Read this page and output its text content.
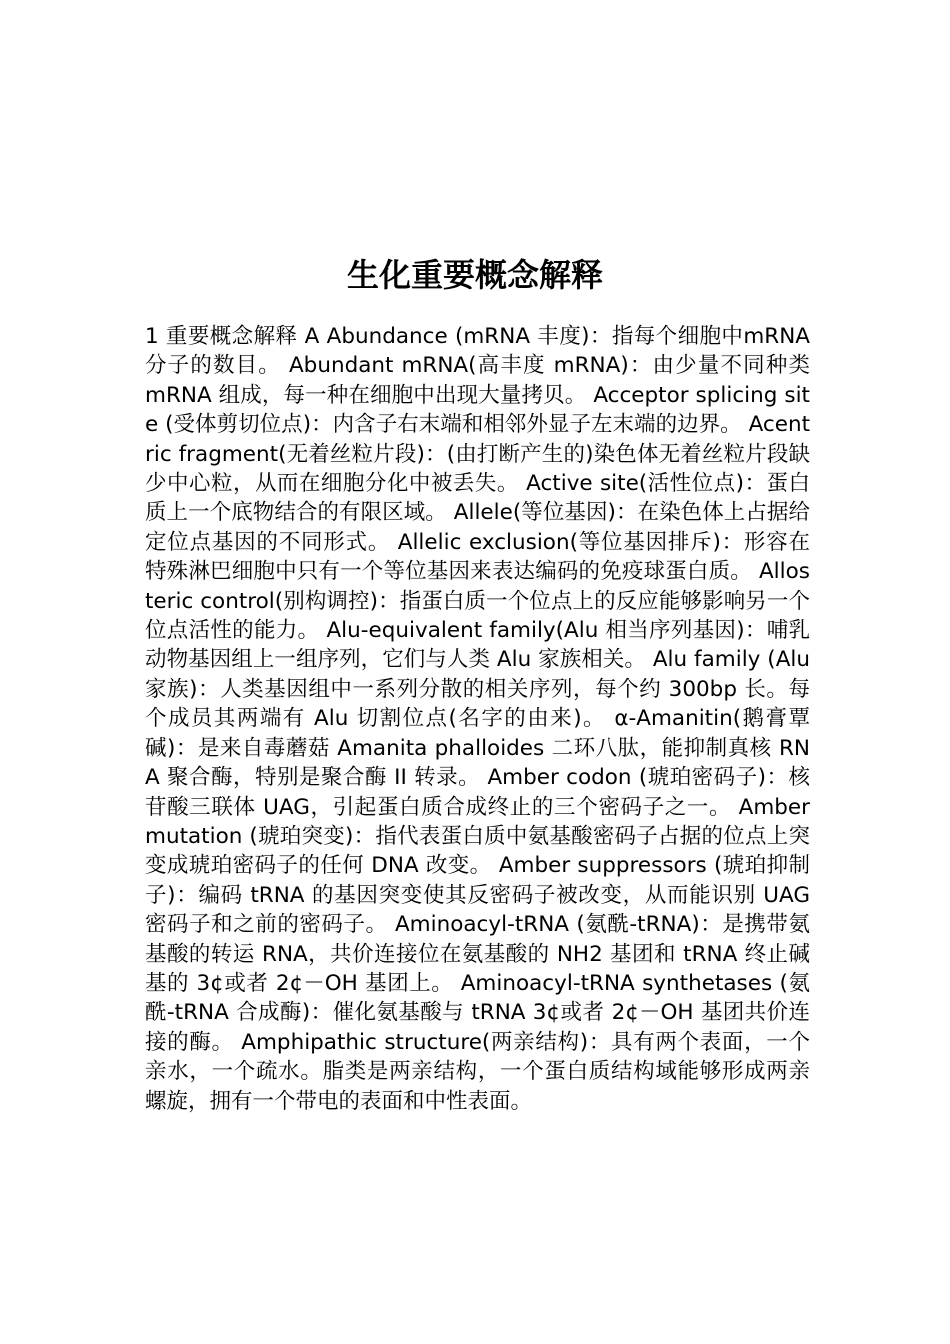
生化重要概念解释

1 重要概念解释 A Abundance (mRNA 丰度)：指每个细胞中mRNA 分子的数目。 Abundant mRNA(高丰度 mRNA)：由少量不同种类 mRNA 组成，每一种在细胞中出现大量拷贝。 Acceptor splicing site (受体剪切位点)：内含子右末端和相邻外显子左末端的边界。 Acentric fragment(无着丝粒片段)：(由打断产生的)染色体无着丝粒片段缺少中心粒，从而在细胞分化中被丢失。 Active site(活性位点)：蛋白质上一个底物结合的有限区域。 Allele(等位基因)：在染色体上占据给定位点基因的不同形式。 Allelic exclusion(等位基因排斥)：形容在特殊淋巴细胞中只有一个等位基因来表达编码的免疫球蛋白质。 Allosteric control(别构调控)：指蛋白质一个位点上的反应能够影响另一个位点活性的能力。 Alu-equivalent family(Alu 相当序列基因)：哺乳动物基因组上一组序列，它们与人类 Alu 家族相关。 Alu family (Alu 家族)：人类基因组中一系列分散的相关序列，每个约 300bp 长。每个成员其两端有 Alu 切割位点(名字的由来)。 α-Amanitin(鹅膏覃碱)：是来自毒蘑菇 Amanita phalloides 二环八肽，能抑制真核 RNA 聚合酶，特别是聚合酶 II 转录。 Amber codon (琥珀密码子)：核苷酸三联体 UAG，引起蛋白质合成终止的三个密码子之一。 Amber mutation (琥珀突变)：指代表蛋白质中氨基酸密码子占据的位点上突变成琥珀密码子的任何 DNA 改变。 Amber suppressors (琥珀抑制子)：编码 tRNA 的基因突变使其反密码子被改变，从而能识别 UAG 密码子和之前的密码子。 Aminoacyl-tRNA (氨酰-tRNA)：是携带氨基酸的转运 RNA，共价连接位在氨基酸的 NH2 基团和 tRNA 终止碱基的 3¢或者 2¢－OH 基团上。 Aminoacyl-tRNA synthetases (氨酰-tRNA 合成酶)：催化氨基酸与 tRNA 3¢或者 2¢－OH 基团共价连接的酶。 Amphipathic structure(两亲结构)：具有两个表面，一个亲水，一个疏水。脂类是两亲结构，一个蛋白质结构域能够形成两亲螺旋，拥有一个带电的表面和中性表面。
